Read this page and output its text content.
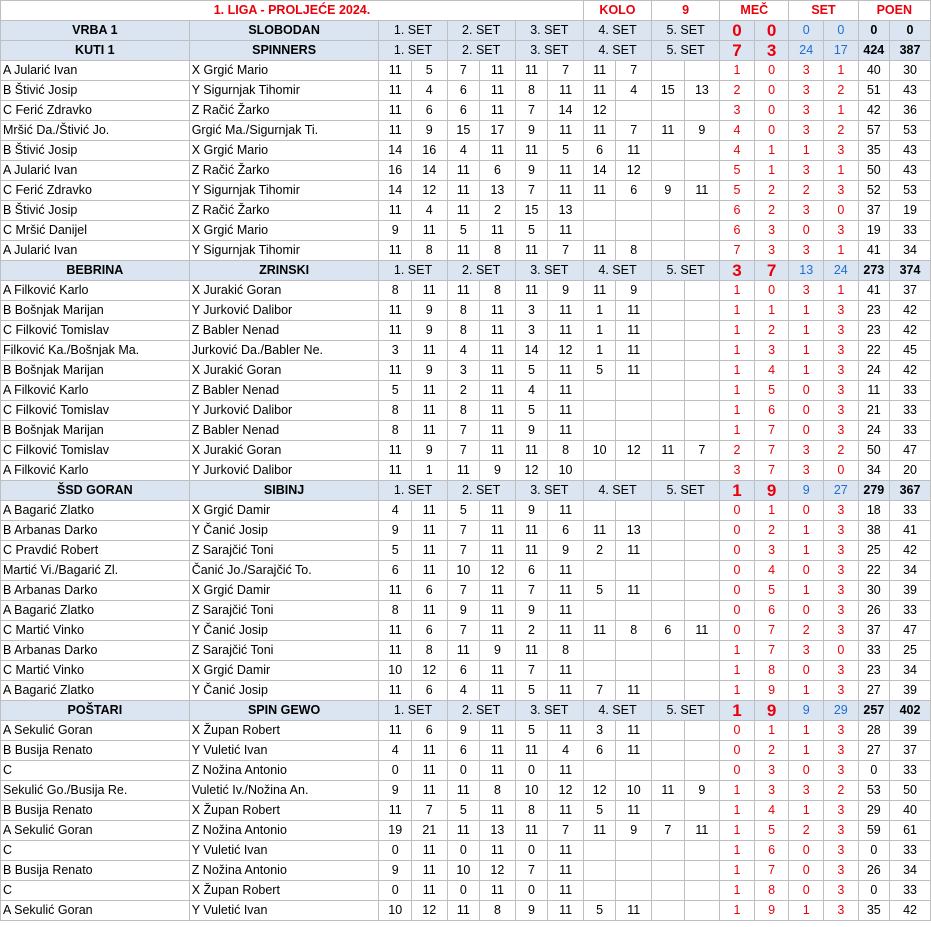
1. LIGA - PROLJEĆE 2024.								KOLO		9		MEČ		SET		POEN	
VRBA 1	SLOBODAN	1. SET		2. SET		3. SET		4. SET		5. SET		0	0	0	0	0	0
KUTI 1	SPINNERS	1. SET		2. SET		3. SET		4. SET		5. SET		7	3	24	17	424	387
A Jularić Ivan	X Grgić Mario	11	5	7	11	11	7	11	7			1	0	3	1	40	30
B Štivić Josip	Y Sigurnjak Tihomir	11	4	6	11	8	11	11	4	15	13	2	0	3	2	51	43
C Ferić Zdravko	Z Račić Žarko	11	6	6	11	7	14	12				3	0	3	1	42	36
Mršić Da./Štivić Jo.	Grgić Ma./Sigurnjak Ti.	11	9	15	17	9	11	11	7	11	9	4	0	3	2	57	53
B Štivić Josip	X Grgić Mario	14	16	4	11	11	5	6	11			4	1	1	3	35	43
A Jularić Ivan	Z Račić Žarko	16	14	11	6	9	11	14	12			5	1	3	1	50	43
C Ferić Zdravko	Y Sigurnjak Tihomir	14	12	11	13	7	11	11	6	9	11	5	2	2	3	52	53
B Štivić Josip	Z Račić Žarko	11	4	11	2	15	13					6	2	3	0	37	19
C Mršić Danijel	X Grgić Mario	9	11	5	11	5	11					6	3	0	3	19	33
A Jularić Ivan	Y Sigurnjak Tihomir	11	8	11	8	11	7	11	8			7	3	3	1	41	34
BEBRINA	ZRINSKI	1. SET		2. SET		3. SET		4. SET		5. SET		3	7	13	24	273	374
A Filković Karlo	X Jurakić Goran	8	11	11	8	11	9	11	9			1	0	3	1	41	37
B Bošnjak Marijan	Y Jurković Dalibor	11	9	8	11	3	11	1	11			1	1	1	3	23	42
C Filković Tomislav	Z Babler Nenad	11	9	8	11	3	11	1	11			1	2	1	3	23	42
Filković Ka./Bošnjak Ma.	Jurković Da./Babler Ne.	3	11	4	11	14	12	1	11			1	3	1	3	22	45
B Bošnjak Marijan	X Jurakić Goran	11	9	3	11	5	11	5	11			1	4	1	3	24	42
A Filković Karlo	Z Babler Nenad	5	11	2	11	4	11					1	5	0	3	11	33
C Filković Tomislav	Y Jurković Dalibor	8	11	8	11	5	11					1	6	0	3	21	33
B Bošnjak Marijan	Z Babler Nenad	8	11	7	11	9	11					1	7	0	3	24	33
C Filković Tomislav	X Jurakić Goran	11	9	7	11	11	8	10	12	11	7	2	7	3	2	50	47
A Filković Karlo	Y Jurković Dalibor	11	1	11	9	12	10					3	7	3	0	34	20
ŠSD GORAN	SIBINJ	1. SET		2. SET		3. SET		4. SET		5. SET		1	9	9	27	279	367
A Bagarić Zlatko	X Grgić Damir	4	11	5	11	9	11					0	1	0	3	18	33
B Arbanas Darko	Y Čanić Josip	9	11	7	11	11	6	11	13			0	2	1	3	38	41
C Pravdić Robert	Z Sarajčić Toni	5	11	7	11	11	9	2	11			0	3	1	3	25	42
Martić Vi./Bagarić Zl.	Čanić Jo./Sarajčić To.	6	11	10	12	6	11					0	4	0	3	22	34
B Arbanas Darko	X Grgić Damir	11	6	7	11	7	11	5	11			0	5	1	3	30	39
A Bagarić Zlatko	Z Sarajčić Toni	8	11	9	11	9	11					0	6	0	3	26	33
C Martić Vinko	Y Čanić Josip	11	6	7	11	2	11	11	8	6	11	0	7	2	3	37	47
B Arbanas Darko	Z Sarajčić Toni	11	8	11	9	11	8					1	7	3	0	33	25
C Martić Vinko	X Grgić Damir	10	12	6	11	7	11					1	8	0	3	23	34
A Bagarić Zlatko	Y Čanić Josip	11	6	4	11	5	11	7	11			1	9	1	3	27	39
POŠTARI	SPIN GEWO	1. SET		2. SET		3. SET		4. SET		5. SET		1	9	9	29	257	402
A Sekulić Goran	X Župan Robert	11	6	9	11	5	11	3	11			0	1	1	3	28	39
B Busija Renato	Y Vuletić Ivan	4	11	6	11	11	4	6	11			0	2	1	3	27	37
C	Z Nožina Antonio	0	11	0	11	0	11					0	3	0	3	0	33
Sekulić Go./Busija Re.	Vuletić Iv./Nožina An.	9	11	11	8	10	12	12	10	11	9	1	3	3	2	53	50
B Busija Renato	X Župan Robert	11	7	5	11	8	11	5	11			1	4	1	3	29	40
A Sekulić Goran	Z Nožina Antonio	19	21	11	13	11	7	11	9	7	11	1	5	2	3	59	61
C	Y Vuletić Ivan	0	11	0	11	0	11					1	6	0	3	0	33
B Busija Renato	Z Nožina Antonio	9	11	10	12	7	11					1	7	0	3	26	34
C	X Župan Robert	0	11	0	11	0	11					1	8	0	3	0	33
A Sekulić Goran	Y Vuletić Ivan	10	12	11	8	9	11	5	11			1	9	1	3	35	42
